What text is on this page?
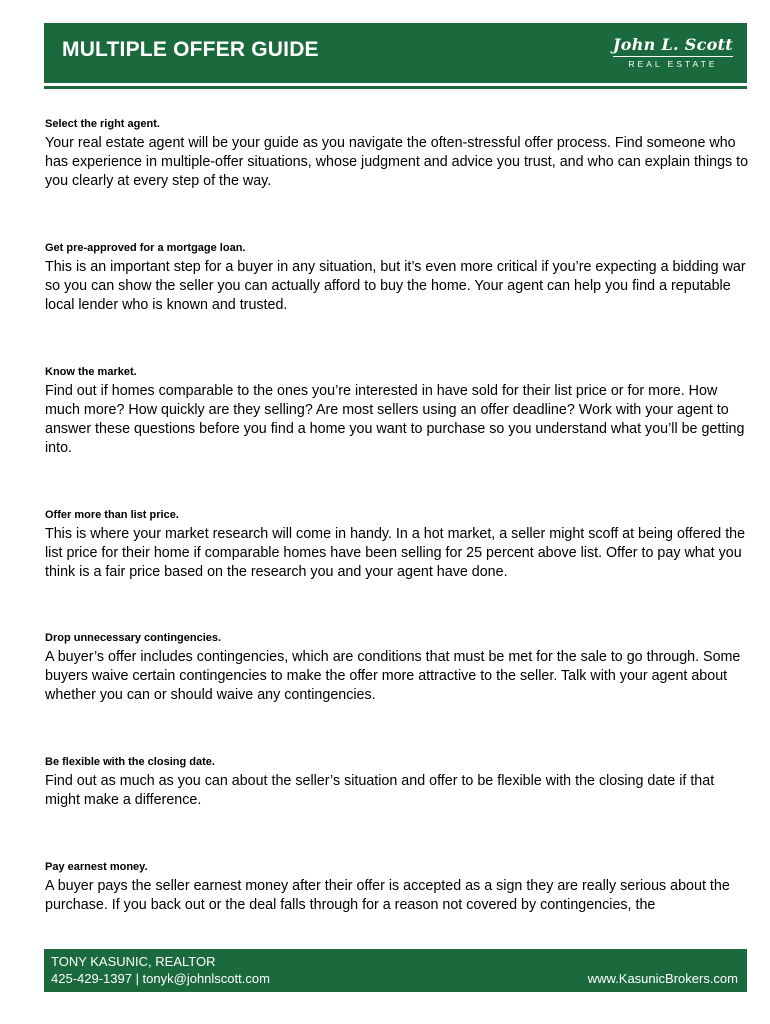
MULTIPLE OFFER GUIDE	John L. Scott
REAL ESTATE

Select the right agent.

Your real estate agent will be your guide as you navigate the often-stressful offer process. Find someone who has experience in multiple-offer situations, whose judgment and advice you trust, and who can explain things to you clearly at every step of the way.

Get pre-approved for a mortgage loan.

This is an important step for a buyer in any situation, but it’s even more critical if you’re expecting a bidding war so you can show the seller you can actually afford to buy the home. Your agent can help you find a reputable local lender who is known and trusted.

Know the market.

Find out if homes comparable to the ones you’re interested in have sold for their list price or for more. How much more? How quickly are they selling? Are most sellers using an offer deadline? Work with your agent to answer these questions before you find a home you want to purchase so you understand what you’ll be getting into.

Offer more than list price.

This is where your market research will come in handy. In a hot market, a seller might scoff at being offered the list price for their home if comparable homes have been selling for 25 percent above list. Offer to pay what you think is a fair price based on the research you and your agent have done.

Drop unnecessary contingencies.

A buyer’s offer includes contingencies, which are conditions that must be met for the sale to go through. Some buyers waive certain contingencies to make the offer more attractive to the seller. Talk with your agent about whether you can or should waive any contingencies.

Be flexible with the closing date.

Find out as much as you can about the seller’s situation and offer to be flexible with the closing date if that might make a difference.

Pay earnest money.

A buyer pays the seller earnest money after their offer is accepted as a sign they are really serious about the purchase. If you back out or the deal falls through for a reason not covered by contingencies, the

TONY KASUNIC, REALTOR
425-429-1397 | tonyk@johnlscott.com	www.KasunicBrokers.com
